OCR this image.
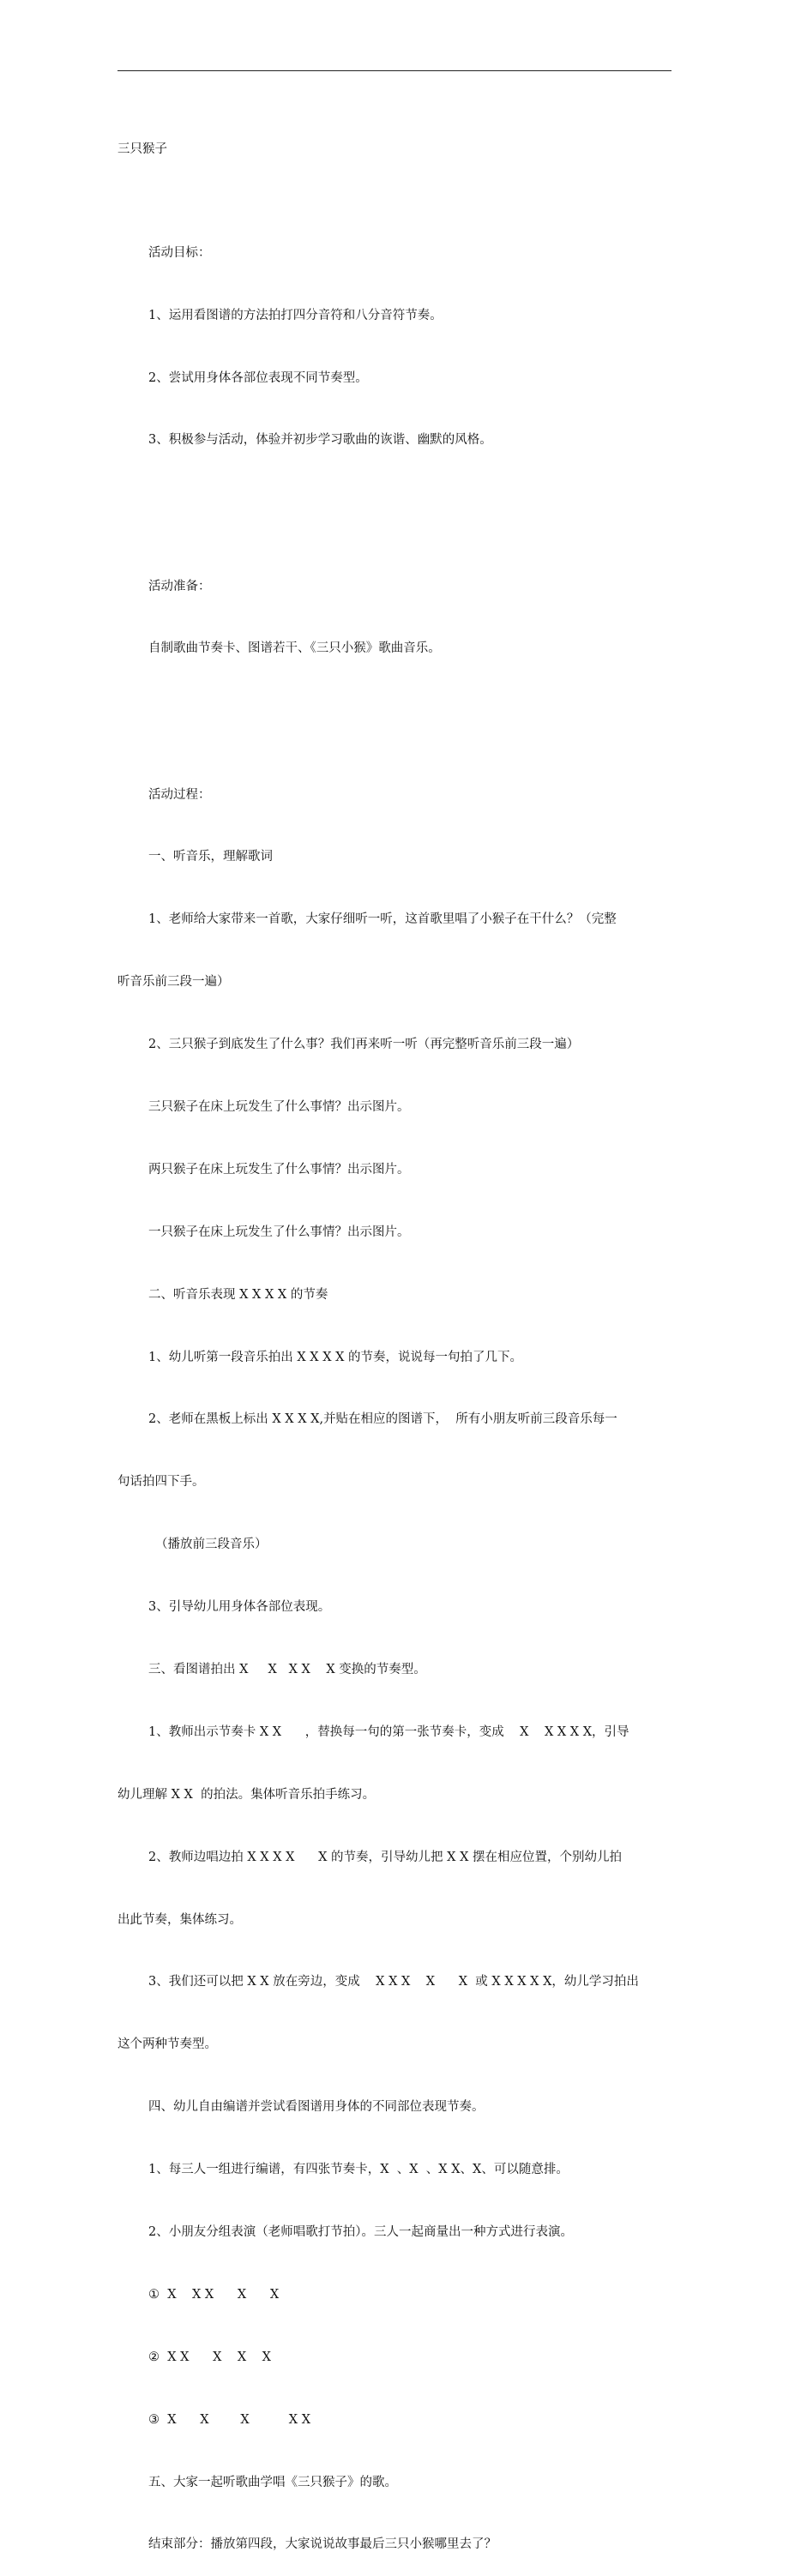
三只猴子

活动目标：

1、运用看图谱的方法拍打四分音符和八分音符节奏。

2、尝试用身体各部位表现不同节奏型。

3、积极参与活动，体验并初步学习歌曲的诙谐、幽默的风格。

活动准备：

自制歌曲节奏卡、图谱若干、《三只小猴》歌曲音乐。

活动过程：

一、听音乐，理解歌词

1、老师给大家带来一首歌，大家仔细听一听，这首歌里唱了小猴子在干什么？（完整

听音乐前三段一遍）

2、三只猴子到底发生了什么事？我们再来听一听（再完整听音乐前三段一遍）

三只猴子在床上玩发生了什么事情？出示图片。

两只猴子在床上玩发生了什么事情？出示图片。

一只猴子在床上玩发生了什么事情？出示图片。

二、听音乐表现 X X X X 的节奏

1、幼儿听第一段音乐拍出 X X X X 的节奏，说说每一句拍了几下。

2、老师在黑板上标出 X X X X,并贴在相应的图谱下，  所有小朋友听前三段音乐每一

句话拍四下手。

（播放前三段音乐）

3、引导幼儿用身体各部位表现。

三、看图谱拍出 X     X   X X    X 变换的节奏型。

1、教师出示节奏卡 X X      ，替换每一句的第一张节奏卡，变成    X    X X X X，引导

幼儿理解 X X  的拍法。集体听音乐拍手练习。

2、教师边唱边拍 X X X X      X 的节奏，引导幼儿把 X X 摆在相应位置，个别幼儿拍

出此节奏，集体练习。

3、我们还可以把 X X 放在旁边，变成    X X X    X      X  或 X X X X X，幼儿学习拍出

这个两种节奏型。

四、幼儿自由编谱并尝试看图谱用身体的不同部位表现节奏。

1、每三人一组进行编谱，有四张节奏卡，X  、X  、X X、X、可以随意排。

2、小朋友分组表演（老师唱歌打节拍）。三人一起商量出一种方式进行表演。

①  X    X X      X      X

②  X X      X    X    X

③  X      X        X          X X

五、大家一起听歌曲学唱《三只猴子》的歌。

结束部分：播放第四段，大家说说故事最后三只小猴哪里去了？
